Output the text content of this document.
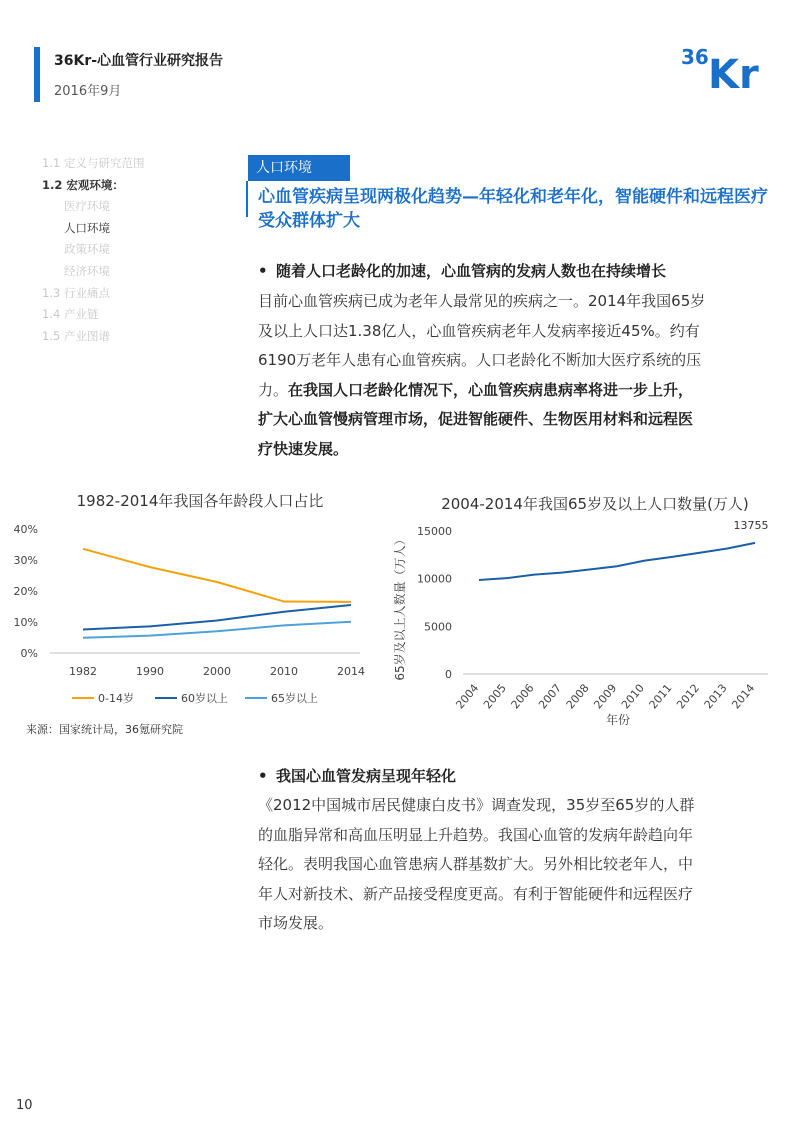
36Kr-心血管行业研究报告
2016年9月
36 Kr
1.1 定义与研究范围
1.2 宏观环境：
医疗环境
人口环境
政策环境
经济环境
1.3 行业痛点
1.4 产业链
1.5 产业图谱
人口环境
心血管疾病呈现两极化趋势—年轻化和老年化，智能硬件和远程医疗受众群体扩大
• 随着人口老龄化的加速，心血管病的发病人数也在持续增长
目前心血管疾病已成为老年人最常见的疾病之一。2014年我国65岁
及以上人口达1.38亿人，心血管疾病老年人发病率接近45%。约有
6190万老年人患有心血管疾病。人口老龄化不断加大医疗系统的压
力。在我国人口老龄化情况下，心血管疾病患病率将进一步上升，
扩大心血管慢病管理市场，促进智能硬件、生物医用材料和远程医
疗快速发展。
1982-2014年我国各年龄段人口占比
0%
10%
20%
30%
40%
1982	1990	2000	2010	2014
0-14岁	60岁以上	65岁以上
2004-2014年我国65岁及以上人口数量(万人)
0
5000
10000
15000
2004 2005 2006 2007 2008 2009 2010 2011 2012 2013 2014
年份
65岁及以上人数量（万人）
13755
来源：国家统计局，36氪研究院
• 我国心血管发病呈现年轻化
《2012中国城市居民健康白皮书》调查发现，35岁至65岁的人群
的血脂异常和高血压明显上升趋势。我国心血管的发病年龄趋向年
轻化。表明我国心血管患病人群基数扩大。另外相比较老年人，中
年人对新技术、新产品接受程度更高。有利于智能硬件和远程医疗
市场发展。
10
